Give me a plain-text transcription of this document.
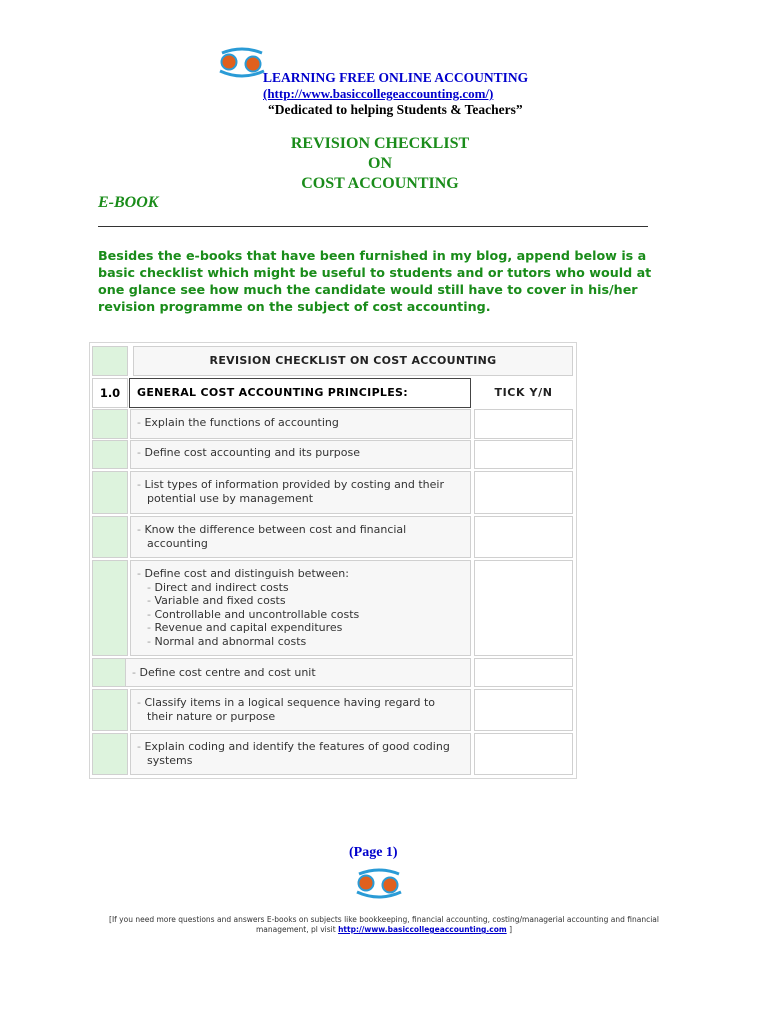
LEARNING FREE ONLINE ACCOUNTING
(http://www.basiccollegeaccounting.com/)
“Dedicated to helping Students & Teachers”
REVISION CHECKLIST
ON
COST ACCOUNTING
E-BOOK

Besides the e-books that have been furnished in my blog, append below is a basic checklist which might be useful to students and or tutors who would at one glance see how much the candidate would still have to cover in his/her revision programme on the subject of cost accounting.

REVISION CHECKLIST ON COST ACCOUNTING
1.0	GENERAL COST ACCOUNTING PRINCIPLES:	TICK Y/N
- Explain the functions of accounting
- Define cost accounting and its purpose
- List types of information provided by costing and their
potential use by management
- Know the difference between cost and financial
accounting
- Define cost and distinguish between:
- Direct and indirect costs
- Variable and fixed costs
- Controllable and uncontrollable costs
- Revenue and capital expenditures
- Normal and abnormal costs
- Define cost centre and cost unit
- Classify items in a logical sequence having regard to
their nature or purpose
- Explain coding and identify the features of good coding
systems
(Page 1)
[If you need more questions and answers E-books on subjects like bookkeeping, financial accounting, costing/managerial accounting and financial management, pl visit http://www.basiccollegeaccounting.com ]
